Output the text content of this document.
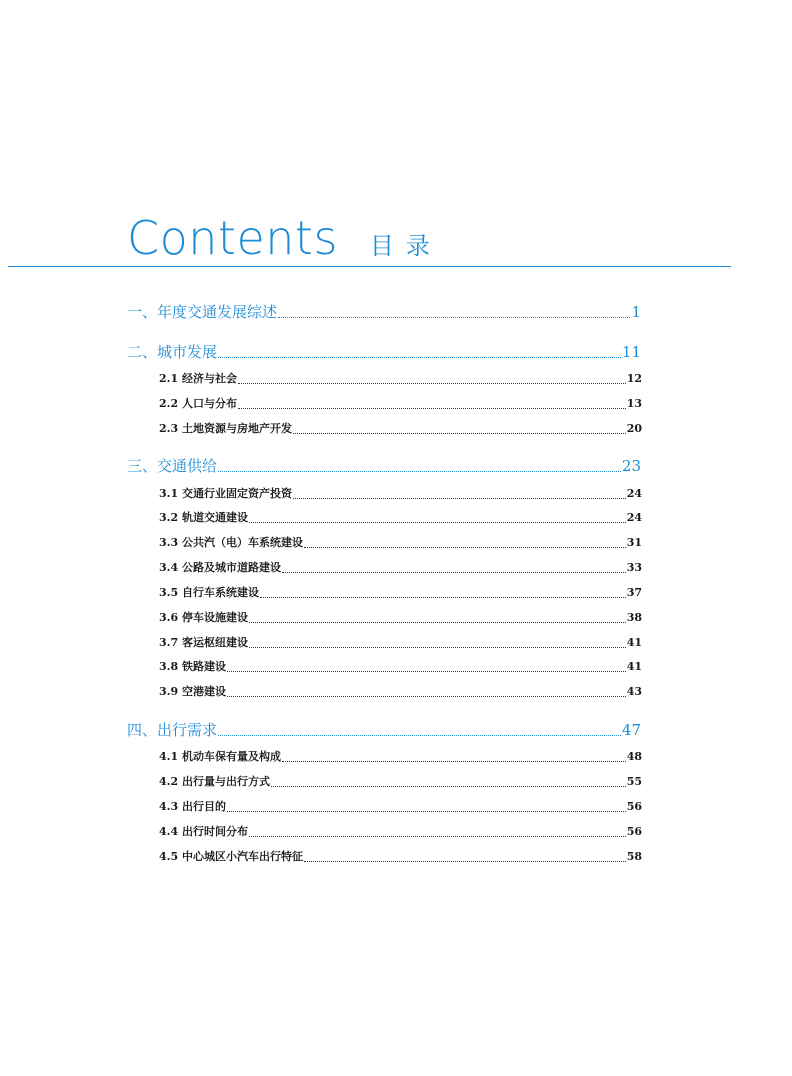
Contents 目录
一、年度交通发展综述	1
二、城市发展	11
2.1 经济与社会	12
2.2 人口与分布	13
2.3 土地资源与房地产开发	20
三、交通供给	23
3.1 交通行业固定资产投资	24
3.2 轨道交通建设	24
3.3 公共汽（电）车系统建设	31
3.4 公路及城市道路建设	33
3.5 自行车系统建设	37
3.6 停车设施建设	38
3.7 客运枢纽建设	41
3.8 铁路建设	41
3.9 空港建设	43
四、出行需求	47
4.1 机动车保有量及构成	48
4.2 出行量与出行方式	55
4.3 出行目的	56
4.4 出行时间分布	56
4.5 中心城区小汽车出行特征	58
